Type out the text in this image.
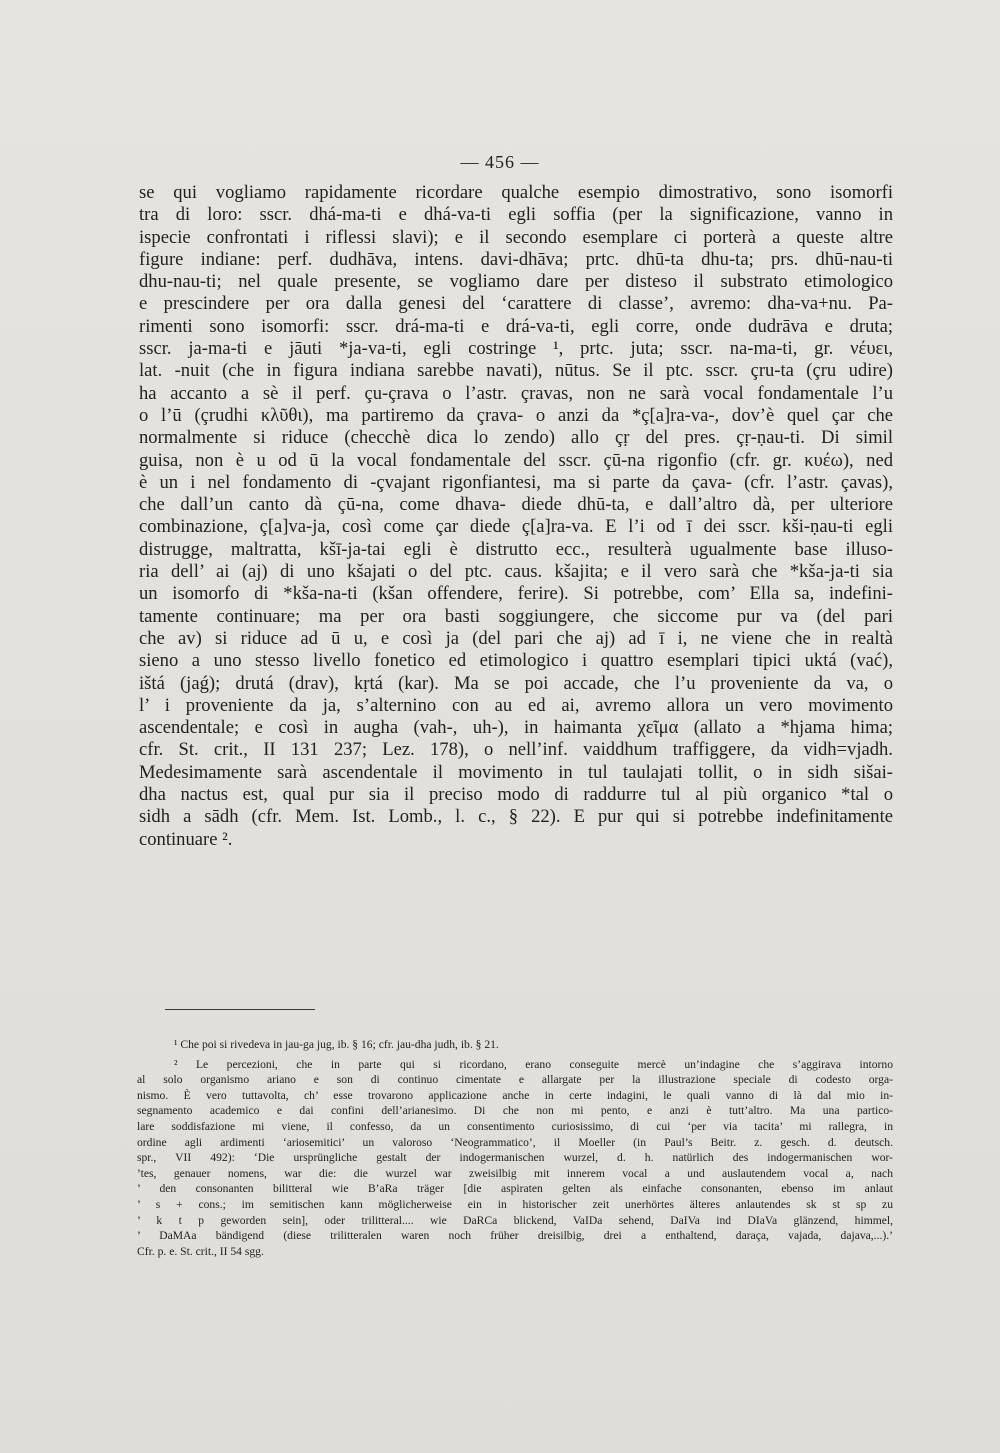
— 456 —
se qui vogliamo rapidamente ricordare qualche esempio dimostrativo, sono isomorfi
tra di loro: sscr. dhá-ma-ti e dhá-va-ti egli soffia (per la significazione, vanno in
ispecie confrontati i riflessi slavi); e il secondo esemplare ci porterà a queste altre
figure indiane: perf. dudhāva, intens. davi-dhāva; prtc. dhū-ta dhu-ta; prs. dhū-nau-ti
dhu-nau-ti; nel quale presente, se vogliamo dare per disteso il substrato etimologico
e prescindere per ora dalla genesi del ‘carattere di classe’, avremo: dha-va+nu. Pa-
rimenti sono isomorfi: sscr. drá-ma-ti e drá-va-ti, egli corre, onde dudrāva e druta;
sscr. ja-ma-ti e jāuti *ja-va-ti, egli costringe ¹, prtc. juta; sscr. na-ma-ti, gr. νέυει,
lat. -nuit (che in figura indiana sarebbe navati), nūtus. Se il ptc. sscr. çru-ta (çru udire)
ha accanto a sè il perf. çu-çrava o l’astr. çravas, non ne sarà vocal fondamentale l’u
o l’ū (çrudhi κλῦθι), ma partiremo da çrava- o anzi da *ç[a]ra-va-, dov’è quel çar che
normalmente si riduce (checchè dica lo zendo) allo çṛ del pres. çṛ-ṇau-ti. Di simil
guisa, non è u od ū la vocal fondamentale del sscr. çū-na rigonfio (cfr. gr. κυέω), ned
è un i nel fondamento di -çvajant rigonfiantesi, ma si parte da çava- (cfr. l’astr. çavas),
che dall’un canto dà çū-na, come dhava- diede dhū-ta, e dall’altro dà, per ulteriore
combinazione, ç[a]va-ja, così come çar diede ç[a]ra-va. E l’i od ī dei sscr. kši-ṇau-ti egli
distrugge, maltratta, kšī-ja-tai egli è distrutto ecc., resulterà ugualmente base illuso-
ria dell’ ai (aj) di uno kšajati o del ptc. caus. kšajita; e il vero sarà che *kša-ja-ti sia
un isomorfo di *kša-na-ti (kšan offendere, ferire). Si potrebbe, com’ Ella sa, indefini-
tamente continuare; ma per ora basti soggiungere, che siccome pur va (del pari
che av) si riduce ad ū u, e così ja (del pari che aj) ad ī i, ne viene che in realtà
sieno a uno stesso livello fonetico ed etimologico i quattro esemplari tipici uktá (vać),
ištá (jaǵ); drutá (drav), kṛtá (kar). Ma se poi accade, che l’u proveniente da va, o
l’ i proveniente da ja, s’alternino con au ed ai, avremo allora un vero movimento
ascendentale; e così in augha (vah-, uh-), in haimanta χεῖμα (allato a *hjama hima;
cfr. St. crit., II 131 237; Lez. 178), o nell’inf. vaiddhum traffiggere, da vidh=vjadh.
Medesimamente sarà ascendentale il movimento in tul taulajati tollit, o in sidh sišai-
dha nactus est, qual pur sia il preciso modo di raddurre tul al più organico *tal o
sidh a sādh (cfr. Mem. Ist. Lomb., l. c., § 22). E pur qui si potrebbe indefinitamente
continuare ².
¹ Che poi si rivedeva in jau-ga jug, ib. § 16; cfr. jau-dha judh, ib. § 21.
² Le percezioni, che in parte qui si ricordano, erano conseguite mercè un’indagine che s’aggirava intorno
al solo organismo ariano e son di continuo cimentate e allargate per la illustrazione speciale di codesto orga-
nismo. È vero tuttavolta, ch’ esse trovarono applicazione anche in certe indagini, le quali vanno di là dal mio in-
segnamento academico e dai confini dell’arianesimo. Di che non mi pento, e anzi è tutt’altro. Ma una partico-
lare soddisfazione mi viene, il confesso, da un consentimento curiosissimo, di cui ‘per via tacita’ mi rallegra, in
ordine agli ardimenti ‘ariosemitici’ un valoroso ‘Neogrammatico’, il Moeller (in Paul’s Beitr. z. gesch. d. deutsch.
spr., VII 492): ‘Die ursprüngliche gestalt der indogermanischen wurzel, d. h. natürlich des indogermanischen wor-
’tes, genauer nomens, war die: die wurzel war zweisilbig mit innerem vocal a und auslautendem vocal a, nach
’ den consonanten bilitteral wie B’aRa träger [die aspiraten gelten als einfache consonanten, ebenso im anlaut
’ s + cons.; im semitischen kann möglicherweise ein in historischer zeit unerhörtes älteres anlautendes sk st sp zu
’ k t p geworden sein], oder trilitteral.... wie DaRCa blickend, VaIDa sehend, DaIVa ind DIaVa glänzend, himmel,
’ DaMAa bändigend (diese trilitteralen waren noch früher dreisilbig, drei a enthaltend, daraça, vajada, dajava,...).’
Cfr. p. e. St. crit., II 54 sgg.
